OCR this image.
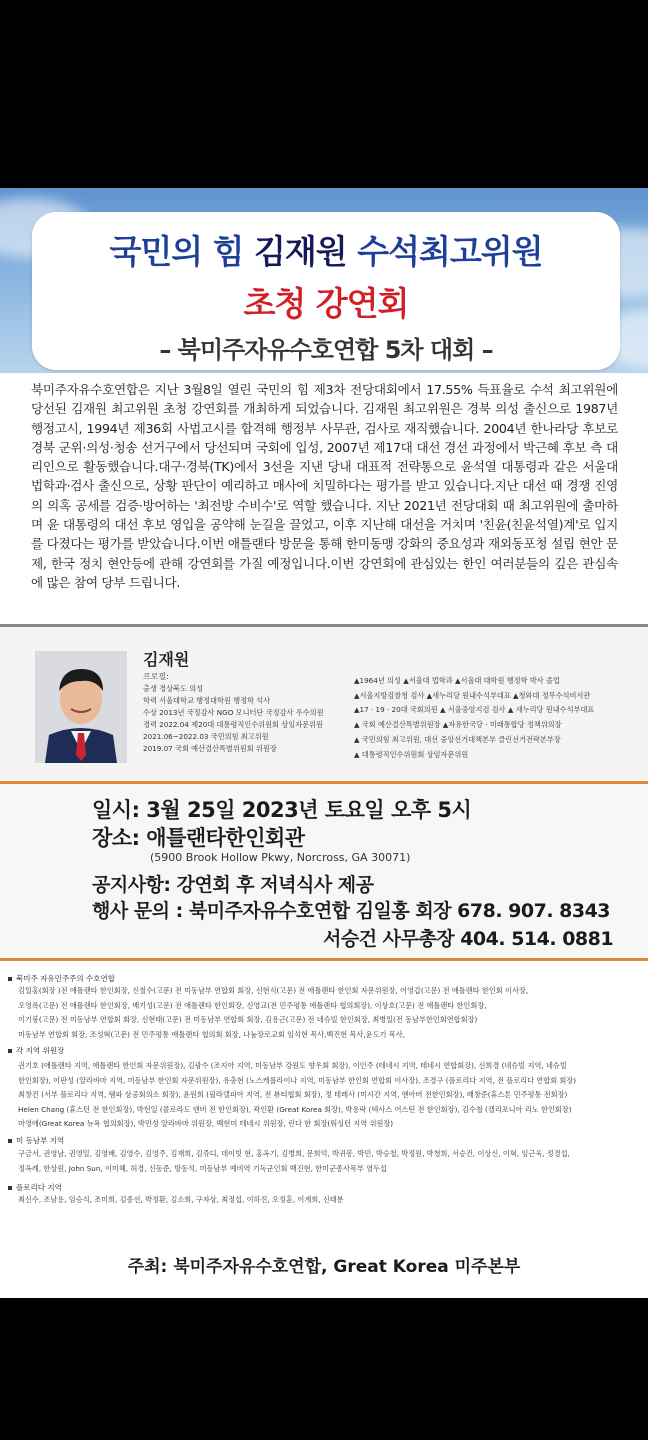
국민의 힘 김재원 수석최고위원
초청 강연회
– 북미주자유수호연합 5차 대회 –
북미주자유수호연합은 지난 3월8일 열린 국민의 힘 제3차 전당대회에서 17.55% 득표율로 수석 최고위원에 당선된 김재원 최고위원 초청 강연회를 개최하게 되었습니다. 김재원 최고위원은 경북 의성 출신으로 1987년 행정고시, 1994년 제36회 사법고시를 합격해 행정부 사무관, 검사로 재직했습니다. 2004년 한나라당 후보로 경북 군위·의성·청송 선거구에서 당선되며 국회에 입성, 2007년 제17대 대선 경선 과정에서 박근혜 후보 측 대리인으로 활동했습니다.대구·경북(TK)에서 3선을 지낸 당내 대표적 전략통으로 윤석열 대통령과 같은 서울대 법학과·검사 출신으로, 상황 판단이 예리하고 매사에 치밀하다는 평가를 받고 있습니다.지난 대선 때 경쟁 진영의 의혹 공세를 검증·방어하는 '최전방 수비수'로 역할 했습니다. 지난 2021년 전당대회 때 최고위원에 출마하며 윤 대통령의 대선 후보 영입을 공약해 눈길을 끌었고, 이후 지난해 대선을 거치며 '친윤(친윤석열)계'로 입지를 다졌다는 평가를 받았습니다.이번 애틀랜타 방문을 통해 한미동맹 강화의 중요성과 재외동포청 설립 현안 문제, 한국 정치 현안등에 관해 강연회를 가질 예정입니다.이번 강연회에 관심있는 한인 여러분들의 깊은 관심속에 많은 참여 당부 드립니다.
김재원
프로필:
출생 경상북도 의성
학력 서울대학교 행정대학원 행정학 석사
수상 2013년 국정감사 NGO 모니터단 국정감사 우수의원
경력 2022.04 제20대 대통령직인수위원회 상임자문위원
2021.06~2022.03 국민의힘 최고위원
2019.07 국회 예산결산특별위원회 위원장
▲1964년 의성 ▲서울대 법학과 ▲서울대 대학원 행정학 박사 졸업
▲서울지방검찰청 검사 ▲새누리당 원내수석부대표 ▲청와대 정무수석비서관
▲17 · 19 · 20대 국회의원 ▲ 서울중앙지검 검사 ▲ 새누리당 원내수석부대표
▲ 국회 예산결산특별위원장 ▲자유한국당 · 미래통합당 정책위의장
▲ 국민의힘 최고위원, 대선 중앙선거대책본부 클린선거전략본부장
▲ 대통령직인수위원회 상임자문위원
일시: 3월 25일 2023년 토요일 오후 5시
장소: 애틀랜타한인회관
(5900 Brook Hollow Pkwy, Norcross, GA 30071)
공지사항: 강연회 후 저녁식사 제공
행사 문의 : 북미주자유수호연합 김일홍 회장 678. 907. 8343
서승건 사무총장 404. 514. 0881
북미주 자유민주주의 수호연합
김일홍(회장 )전 애틀랜타 한인회장, 신철수(고문) 전 미동남부 연합회 회장, 신현식(고문) 전 애틀랜타 한인회 자문위원장, 어영갑(고문) 전 애틀랜타 한인회 이사장,
오영록(고문) 전 애틀랜타 한인회장, 배기성(고문) 전 애틀랜타 한인회장, 신영교(전 민주평통 애틀랜타 협의회장), 이상호(고문) 전 애틀랜타 한인회장,
이기붕(고문) 전 미동남부 연합회 회장, 신현태(고문) 전 미동남부 연합회 회장, 김용근(고문) 전 네슈빌 한인회장, 최병일(전 동남부한인회연합회장)
미동남부 연합회 회장, 조성혁(고문) 전 민주평통 애틀랜타 협의회 회장, 나눔장로교회 임석현 목사,백진현 목사,윤도기 목사,
각 지역 위원장
권기호 (애틀랜타 지역, 애틀랜타 한인회 자문위원장), 김광수 (조지아 지역, 미동남부 강원도 향우회 회장), 이인주 (테네시 지역, 테네시 연합회장), 신희경 (네슈빌 지역, 네슈빌
한인회장), 이판성 (알라바마 지역, 미동남부 한인회 자문위원장), 유충현 (노스캐롤라이나 지역, 미동남부 한인회 연합회 이사장), 조경구 (플로리다 지역, 전 플로리다 연합회 회장)
최창건 (서부 플로리다 지역, 탬파 상공회의소 회장), 윤원희 (필라델피아 지역, 전 뷰티협회 회장), 정 테레사 (미시간 지역, 앤아버 전한인회장), 배창준(휴스톤 민주평통 전회장)
Helen Chang (휴스턴 전 한인회장), 박헌일 (콜로라도 덴버 전 한인회장), 곽인환 (Great Korea 회장), 박용락 (텍사스 어스틴 전 한인회장), 김수철 (캘리포니아 리노 한인회장)
마영애(Great Korea 뉴욕 협의회장), 박민성 알라바마 위원장, 백현미 테네시 위원장, 린다 한 회장(워싱턴 지역 위원장)
미 동남부 지역
구금서, 권영남, 권영일, 김영배, 김영수, 김영주, 김재희, 김쥬디, 데이빗 현, 홍옥기, 김병희, 문희억, 박귀봉, 박민, 박승철, 박정원, 박청희, 서승건, 이상신, 이혁, 임근욱, 정경섭,
정옥례, 한상원, John Sun, 이미혜, 허경, 신동준, 방동석, 미동남부 예비역 기독군인회 백진현, 한미군종사목부 염두섭
플로리다 지역
최신수, 조남용, 임승석, 조미희, 김종선, 박정환, 김소희, 구자상, 최정섭, 이하진, 오정훈, 이계희, 신태분
주최: 북미주자유수호연합, Great Korea 미주본부
